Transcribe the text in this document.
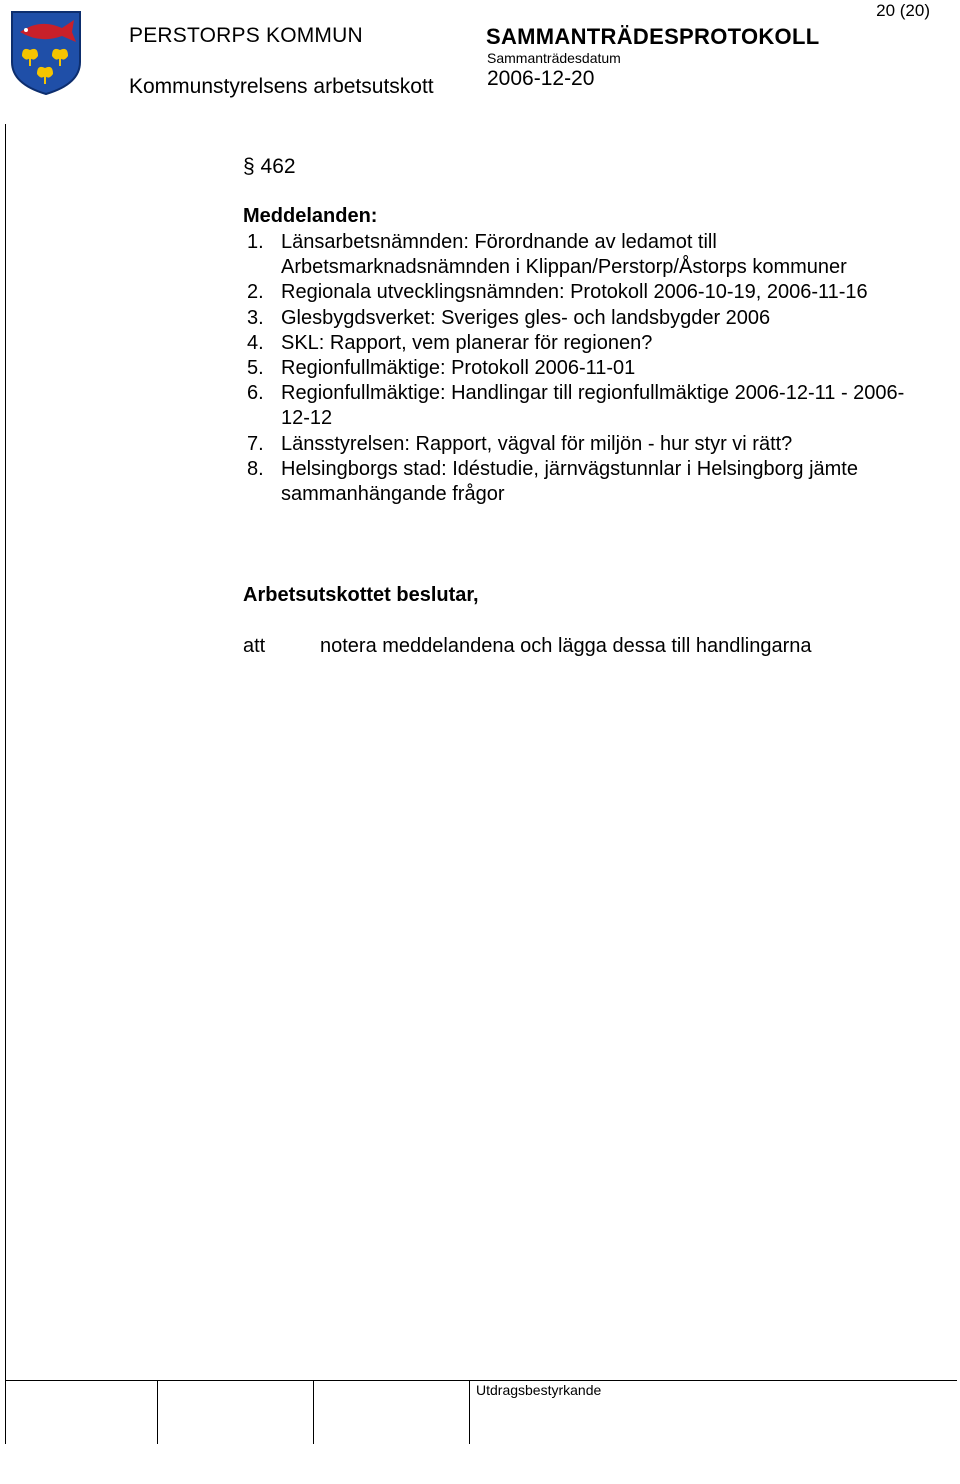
PERSTORPS KOMMUN
Kommunstyrelsens arbetsutskott
SAMMANTRÄDESPROTOKOLL
Sammanträdesdatum
2006-12-20
20 (20)
§ 462
Meddelanden:
1. Länsarbetsnämnden: Förordnande av ledamot till Arbetsmarknadsnämnden i Klippan/Perstorp/Åstorps kommuner
2. Regionala utvecklingsnämnden: Protokoll 2006-10-19, 2006-11-16
3. Glesbygdsverket: Sveriges gles- och landsbygder 2006
4. SKL: Rapport, vem planerar för regionen?
5. Regionfullmäktige: Protokoll 2006-11-01
6. Regionfullmäktige: Handlingar till regionfullmäktige 2006-12-11 - 2006-12-12
7. Länsstyrelsen: Rapport, vägval för miljön - hur styr vi rätt?
8. Helsingborgs stad: Idéstudie, järnvägstunnlar i Helsingborg jämte sammanhängande frågor
Arbetsutskottet beslutar,
att	notera meddelandena och lägga dessa till handlingarna
Utdragsbestyrkande
